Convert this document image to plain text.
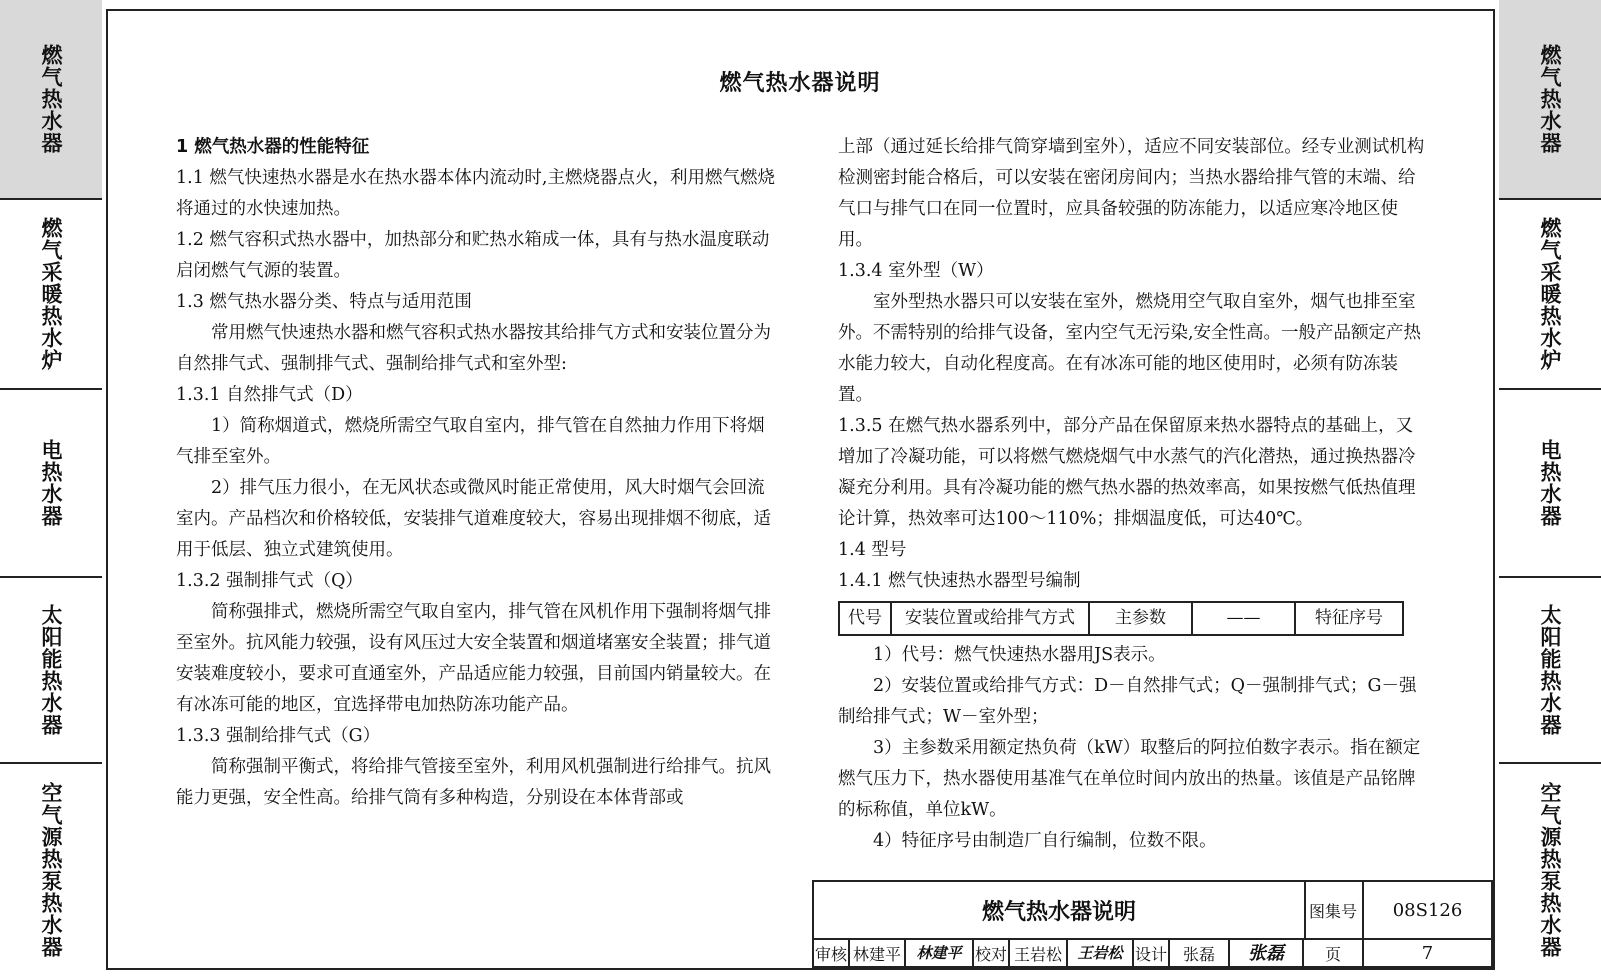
燃气热水器
燃气采暖热水炉
电热水器
太阳能热水器
空气源热泵热水器
燃气热水器
燃气采暖热水炉
电热水器
太阳能热水器
空气源热泵热水器
燃气热水器说明

1 燃气热水器的性能特征

1.1 燃气快速热水器是水在热水器本体内流动时,主燃烧器点火，利用燃气燃烧将通过的水快速加热。

1.2 燃气容积式热水器中，加热部分和贮热水箱成一体，具有与热水温度联动启闭燃气气源的装置。

1.3 燃气热水器分类、特点与适用范围

常用燃气快速热水器和燃气容积式热水器按其给排气方式和安装位置分为自然排气式、强制排气式、强制给排气式和室外型:

1.3.1 自然排气式（D）

1）简称烟道式，燃烧所需空气取自室内，排气管在自然抽力作用下将烟气排至室外。

2）排气压力很小，在无风状态或微风时能正常使用，风大时烟气会回流室内。产品档次和价格较低，安装排气道难度较大，容易出现排烟不彻底，适用于低层、独立式建筑使用。

1.3.2 强制排气式（Q）

简称强排式，燃烧所需空气取自室内，排气管在风机作用下强制将烟气排至室外。抗风能力较强，设有风压过大安全装置和烟道堵塞安全装置；排气道安装难度较小，要求可直通室外，产品适应能力较强，目前国内销量较大。在有冰冻可能的地区，宜选择带电加热防冻功能产品。

1.3.3 强制给排气式（G）

简称强制平衡式，将给排气管接至室外，利用风机强制进行给排气。抗风能力更强，安全性高。给排气筒有多种构造，分别设在本体背部或

上部（通过延长给排气筒穿墙到室外），适应不同安装部位。经专业测试机构检测密封能合格后，可以安装在密闭房间内；当热水器给排气管的末端、给气口与排气口在同一位置时，应具备较强的防冻能力，以适应寒冷地区使用。

1.3.4 室外型（W）

室外型热水器只可以安装在室外，燃烧用空气取自室外，烟气也排至室外。不需特别的给排气设备，室内空气无污染,安全性高。一般产品额定产热水能力较大，自动化程度高。在有冰冻可能的地区使用时，必须有防冻装置。

1.3.5 在燃气热水器系列中，部分产品在保留原来热水器特点的基础上，又增加了冷凝功能，可以将燃气燃烧烟气中水蒸气的汽化潜热，通过换热器冷凝充分利用。具有冷凝功能的燃气热水器的热效率高，如果按燃气低热值理论计算，热效率可达100～110%；排烟温度低，可达40℃。

1.4 型号

1.4.1 燃气快速热水器型号编制

代号	安装位置或给排气方式	主参数	——	特征序号

1）代号：燃气快速热水器用JS表示。

2）安装位置或给排气方式：D－自然排气式；Q－强制排气式；G－强制给排气式；W－室外型；

3）主参数采用额定热负荷（kW）取整后的阿拉伯数字表示。指在额定燃气压力下，热水器使用基准气在单位时间内放出的热量。该值是产品铭牌的标称值，单位kW。

4）特征序号由制造厂自行编制，位数不限。

燃气热水器说明	图集号	08S126
审核 林建平	林建平 校对 王岩松	王岩松 设计 张磊	张磊	页	7
